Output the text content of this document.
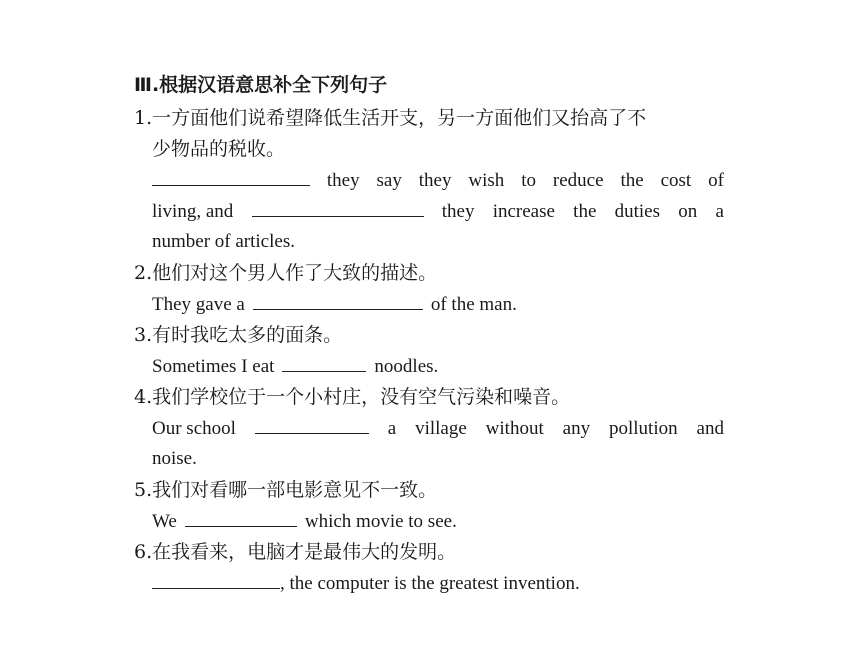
Ⅲ.根据汉语意思补全下列句子
1.一方面他们说希望降低生活开支，另一方面他们又抬高了不
少物品的税收。
they say they wish to reduce the cost of
living, and	they increase the duties on a
number of articles.
2.他们对这个男人作了大致的描述。
They gave a	of the man.
3.有时我吃太多的面条。
Sometimes I eat	noodles.
4.我们学校位于一个小村庄，没有空气污染和噪音。
Our school	a village without any pollution and
noise.
5.我们对看哪一部电影意见不一致。
We	which movie to see.
6.在我看来，电脑才是最伟大的发明。
, the computer is the greatest invention.
